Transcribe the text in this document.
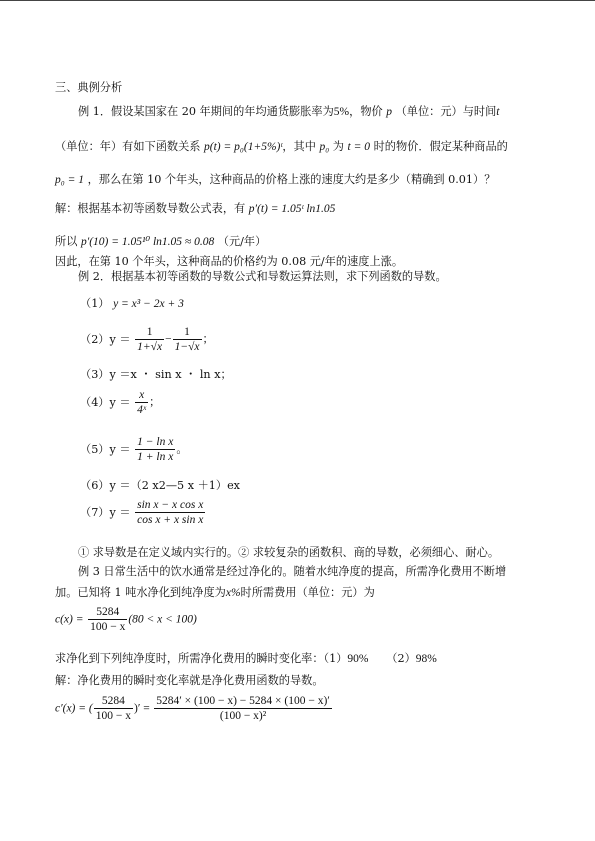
三、典例分析
例 1．假设某国家在 20 年期间的年均通货膨胀率为5%，物价 p （单位：元）与时间t
（单位：年）有如下函数关系 p(t) = p₀(1+5%)ᵗ，其中 p₀ 为 t = 0 时的物价．假定某种商品的
p₀ = 1 ，那么在第 10 个年头，这种商品的价格上涨的速度大约是多少（精确到 0.01）？
解：根据基本初等函数导数公式表，有 p′(t) = 1.05ᵗ ln1.05
所以 p′(10) = 1.05¹⁰ ln1.05 ≈ 0.08 （元/年）
因此，在第 10 个年头，这种商品的价格约为 0.08 元/年的速度上涨。
例 2．根据基本初等函数的导数公式和导数运算法则，求下列函数的导数。
（1） y = x³ − 2x + 3
$(2)y = \frac{1}{1+√x} - \frac{1}{1-√x}$ ；
（3）y ＝x ・ sin x ・ ln x；
$(4)y = \frac{x}{\text{4ˣ}}$ ；
$(5)y = \frac{\text{1 − ln x}}{\text{1 + ln x}}$ 。
（6）y ＝（2 x2—5 x ＋1）ex
$(7)y = \frac{\text{sin x − x cos x}}{\text{cos x + x sin x}}$
① 求导数是在定义域内实行的。② 求较复杂的函数积、商的导数，必须细心、耐心。
例 3 日常生活中的饮水通常是经过净化的。随着水纯净度的提高，所需净化费用不断增
加。已知将 1 吨水净化到纯净度为x%时所需费用（单位：元）为
$c(x) = \frac{5284}{100 - x} (80 < x < 100)$
求净化到下列纯净度时，所需净化费用的瞬时变化率：（1）90% （2）98%
解：净化费用的瞬时变化率就是净化费用函数的导数。
c′(x) = ( $\frac{5284}{100 - x}$ )′ = $\frac{5284' \times (100 - x) - 5284 \times (100 - x)'}{\text{(100 − x)²}}$
